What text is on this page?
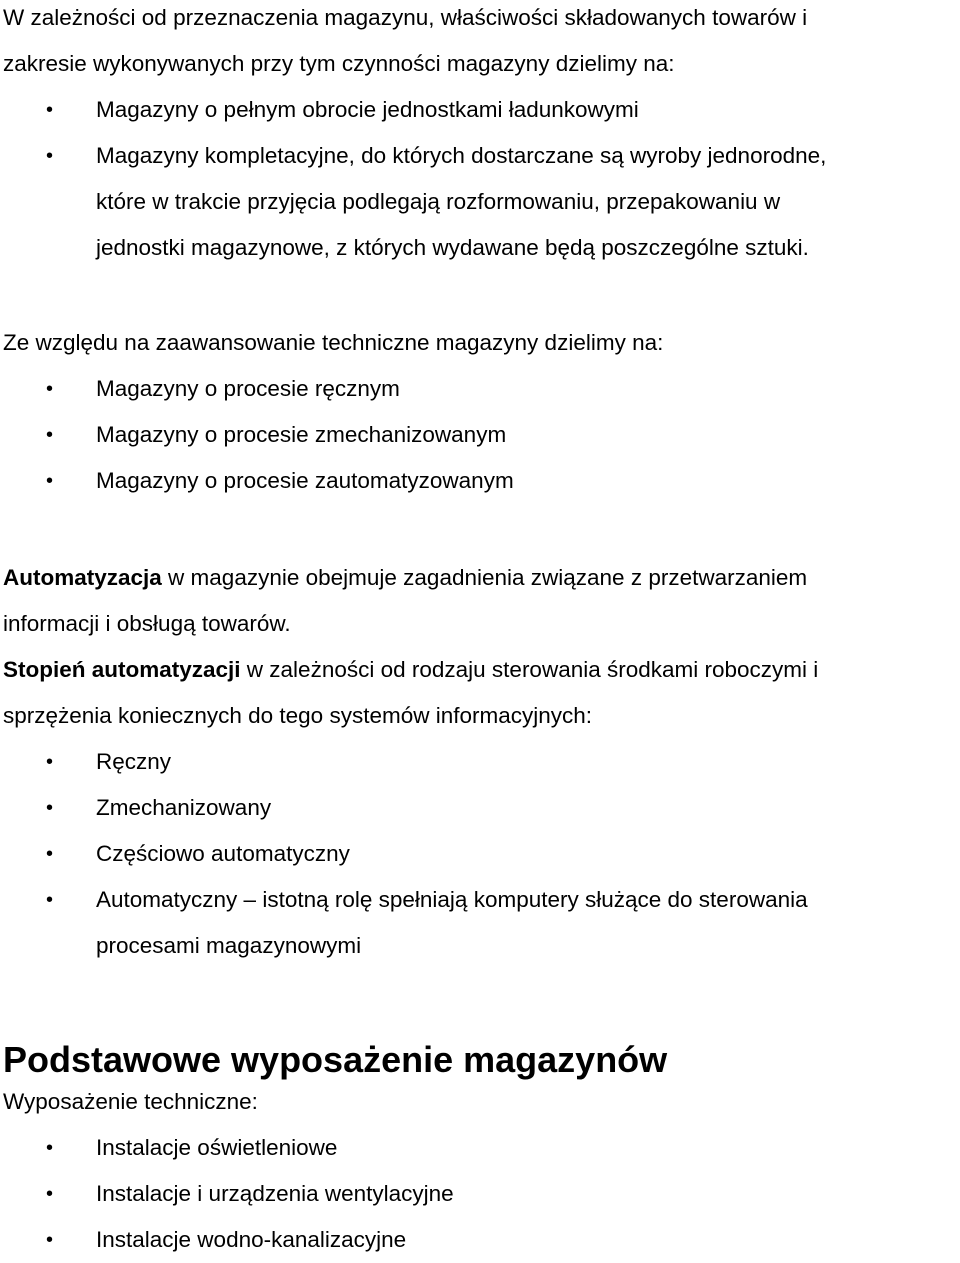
W zależności od przeznaczenia magazynu, właściwości składowanych towarów i

zakresie wykonywanych przy tym czynności magazyny dzielimy na:

• Magazyny o pełnym obrocie jednostkami ładunkowymi

• Magazyny kompletacyjne, do których dostarczane są wyroby jednorodne,

które w trakcie przyjęcia podlegają rozformowaniu, przepakowaniu w

jednostki magazynowe, z których wydawane będą poszczególne sztuki.

Ze względu na zaawansowanie techniczne magazyny dzielimy na:

• Magazyny o procesie ręcznym

• Magazyny o procesie zmechanizowanym

• Magazyny o procesie zautomatyzowanym

Automatyzacja w magazynie obejmuje zagadnienia związane z przetwarzaniem

informacji i obsługą towarów.

Stopień automatyzacji w zależności od rodzaju sterowania środkami roboczymi i

sprzężenia koniecznych do tego systemów informacyjnych:

• Ręczny

• Zmechanizowany

• Częściowo automatyczny

• Automatyczny – istotną rolę spełniają komputery służące do sterowania

procesami magazynowymi

Podstawowe wyposażenie magazynów

Wyposażenie techniczne:

• Instalacje oświetleniowe

• Instalacje i urządzenia wentylacyjne

• Instalacje wodno-kanalizacyjne
